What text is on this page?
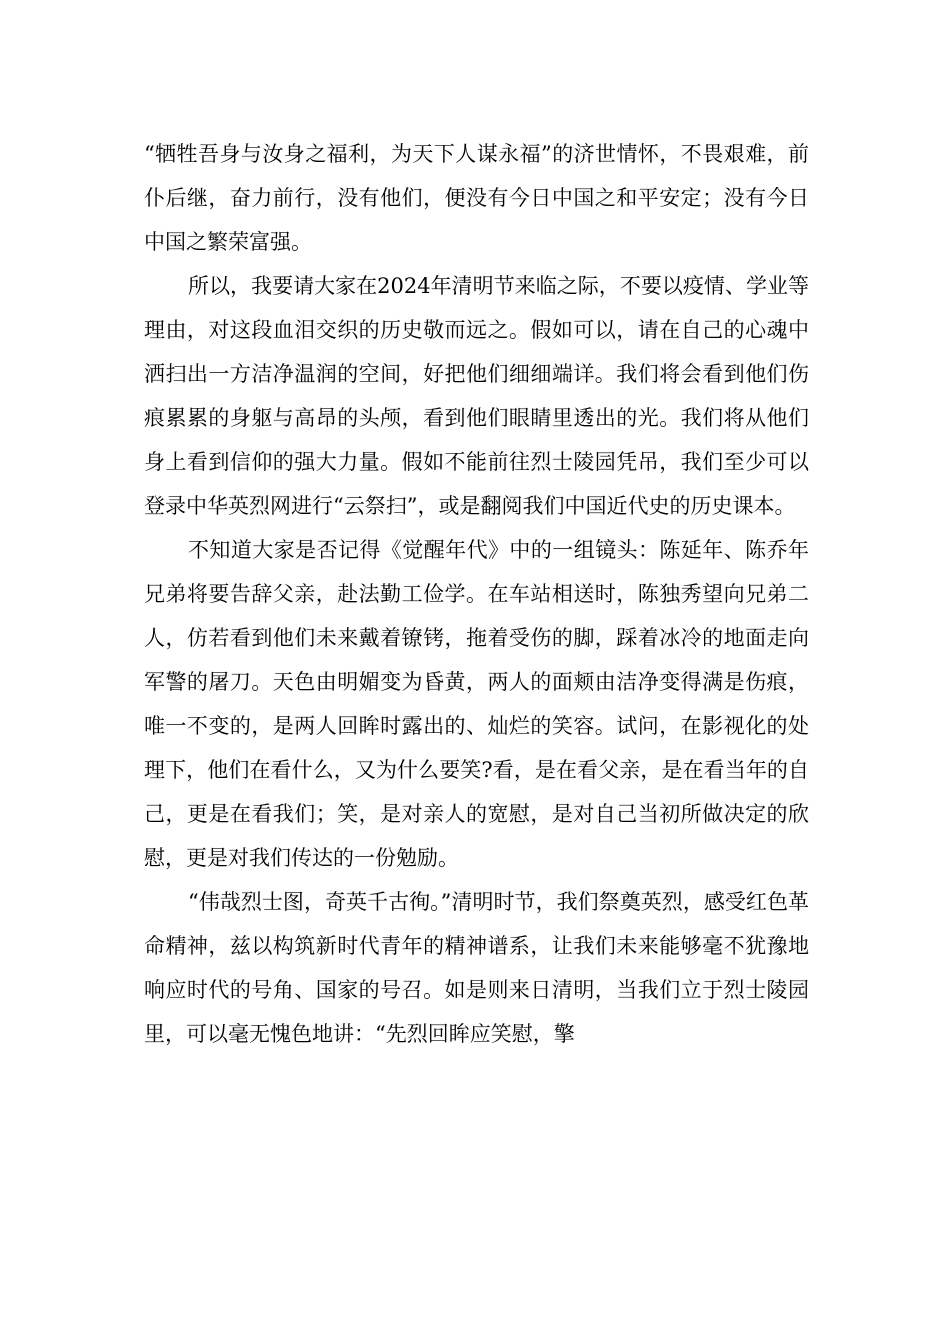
“牺牲吾身与汝身之福利，为天下人谋永福”的济世情怀，不畏艰难，前仆后继，奋力前行，没有他们，便没有今日中国之和平安定；没有今日中国之繁荣富强。

所以，我要请大家在2024年清明节来临之际，不要以疫情、学业等理由，对这段血泪交织的历史敬而远之。假如可以，请在自己的心魂中洒扫出一方洁净温润的空间，好把他们细细端详。我们将会看到他们伤痕累累的身躯与高昂的头颅，看到他们眼睛里透出的光。我们将从他们身上看到信仰的强大力量。假如不能前往烈士陵园凭吊，我们至少可以登录中华英烈网进行“云祭扫”，或是翻阅我们中国近代史的历史课本。

不知道大家是否记得《觉醒年代》中的一组镜头：陈延年、陈乔年兄弟将要告辞父亲，赴法勤工俭学。在车站相送时，陈独秀望向兄弟二人，仿若看到他们未来戴着镣铐，拖着受伤的脚，踩着冰冷的地面走向军警的屠刀。天色由明媚变为昏黄，两人的面颊由洁净变得满是伤痕，唯一不变的，是两人回眸时露出的、灿烂的笑容。试问，在影视化的处理下，他们在看什么，又为什么要笑?看，是在看父亲，是在看当年的自己，更是在看我们；笑，是对亲人的宽慰，是对自己当初所做决定的欣慰，更是对我们传达的一份勉励。

“伟哉烈士图，奇英千古徇。”清明时节，我们祭奠英烈，感受红色革命精神，兹以构筑新时代青年的精神谱系，让我们未来能够毫不犹豫地响应时代的号角、国家的号召。如是则来日清明，当我们立于烈士陵园里，可以毫无愧色地讲：“先烈回眸应笑慰，擎
